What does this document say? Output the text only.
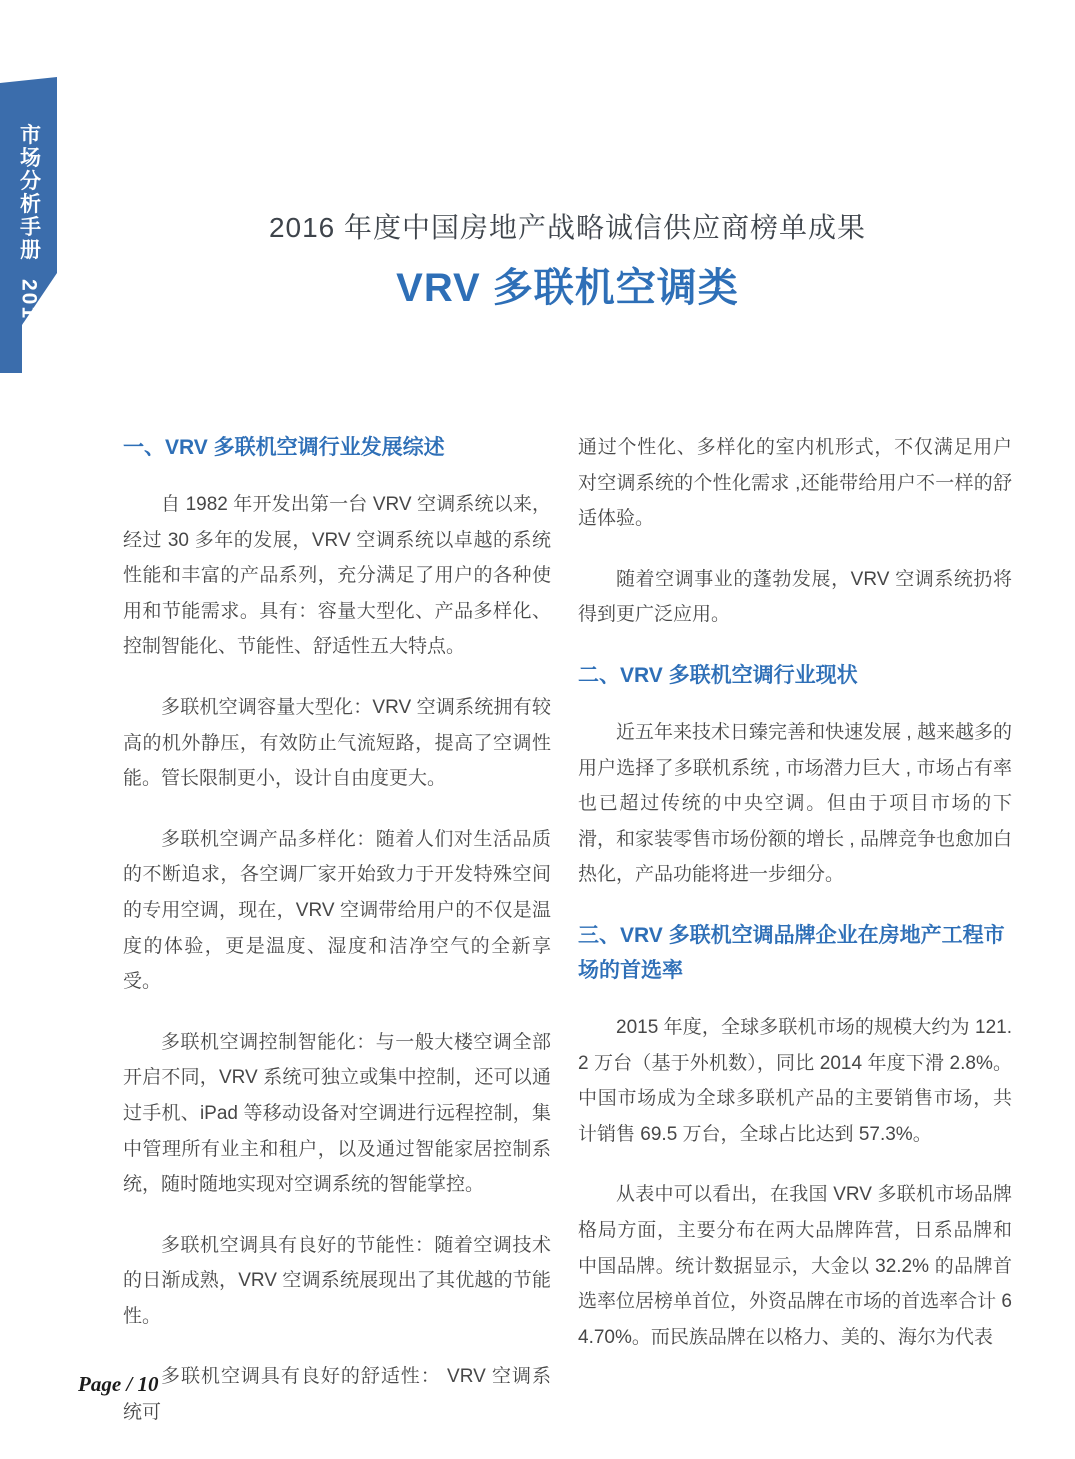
市场分析手册2016

2016 年度中国房地产战略诚信供应商榜单成果
VRV 多联机空调类
一、VRV 多联机空调行业发展综述

自 1982 年开发出第一台 VRV 空调系统以来，经过 30 多年的发展，VRV 空调系统以卓越的系统性能和丰富的产品系列，充分满足了用户的各种使用和节能需求。具有：容量大型化、产品多样化、控制智能化、节能性、舒适性五大特点。

多联机空调容量大型化：VRV 空调系统拥有较高的机外静压，有效防止气流短路，提高了空调性能。管长限制更小，设计自由度更大。

多联机空调产品多样化：随着人们对生活品质的不断追求，各空调厂家开始致力于开发特殊空间的专用空调，现在，VRV 空调带给用户的不仅是温度的体验，更是温度、湿度和洁净空气的全新享受。

多联机空调控制智能化：与一般大楼空调全部开启不同，VRV 系统可独立或集中控制，还可以通过手机、iPad 等移动设备对空调进行远程控制，集中管理所有业主和租户，以及通过智能家居控制系统，随时随地实现对空调系统的智能掌控。

多联机空调具有良好的节能性：随着空调技术的日渐成熟，VRV 空调系统展现出了其优越的节能性。

多联机空调具有良好的舒适性： VRV 空调系统可

通过个性化、多样化的室内机形式，不仅满足用户对空调系统的个性化需求 ,还能带给用户不一样的舒适体验。

随着空调事业的蓬勃发展，VRV 空调系统扔将得到更广泛应用。

二、VRV 多联机空调行业现状

近五年来技术日臻完善和快速发展 , 越来越多的用户选择了多联机系统 , 市场潜力巨大 , 市场占有率也已超过传统的中央空调。但由于项目市场的下滑，和家装零售市场份额的增长 , 品牌竞争也愈加白热化，产品功能将进一步细分。

三、VRV 多联机空调品牌企业在房地产工程市场的首选率

2015 年度，全球多联机市场的规模大约为 121.2 万台（基于外机数），同比 2014 年度下滑 2.8%。中国市场成为全球多联机产品的主要销售市场，共计销售 69.5 万台，全球占比达到 57.3%。

从表中可以看出，在我国 VRV 多联机市场品牌格局方面，主要分布在两大品牌阵营，日系品牌和中国品牌。统计数据显示，大金以 32.2% 的品牌首选率位居榜单首位，外资品牌在市场的首选率合计 64.70%。而民族品牌在以格力、美的、海尔为代表

Page / 10
